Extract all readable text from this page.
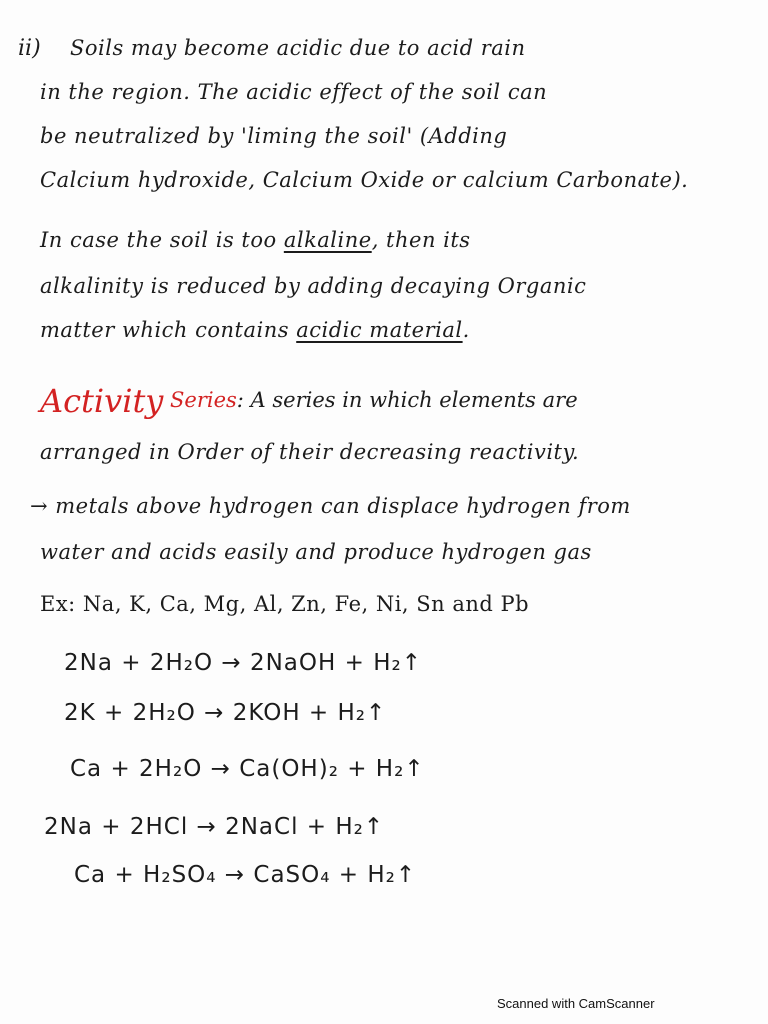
ii) Soils may become acidic due to acid rain
in the region. The acidic effect of the soil can
be neutralized by 'liming the soil' (Adding
Calcium hydroxide, Calcium Oxide or calcium Carbonate).
In case the soil is too alkaline, then its
alkalinity is reduced by adding decaying Organic
matter which contains acidic material.
Activity Series: A series in which elements are
arranged in Order of their decreasing reactivity.
→ metals above hydrogen can displace hydrogen from
water and acids easily and produce hydrogen gas
Ex: Na, K, Ca, Mg, Al, Zn, Fe, Ni, Sn and Pb
2Na + 2H₂O → 2NaOH + H₂↑
2K + 2H₂O → 2KOH + H₂↑
Ca + 2H₂O → Ca(OH)₂ + H₂↑
2Na + 2HCl → 2NaCl + H₂↑
Ca + H₂SO₄ → CaSO₄ + H₂↑
Scanned with CamScanner
